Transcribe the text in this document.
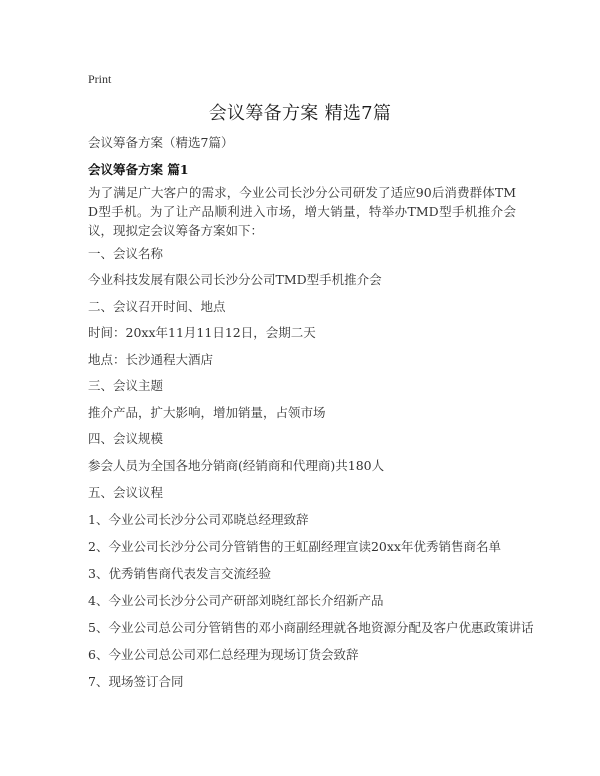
Print
会议筹备方案 精选7篇
会议筹备方案（精选7篇）
会议筹备方案 篇1
为了满足广大客户的需求，今业公司长沙分公司研发了适应90后消费群体TMD型手机。为了让产品顺利进入市场，增大销量，特举办TMD型手机推介会议，现拟定会议筹备方案如下：
一、会议名称
今业科技发展有限公司长沙分公司TMD型手机推介会
二、会议召开时间、地点
时间：20xx年11月11日12日，会期二天
地点：长沙通程大酒店
三、会议主题
推介产品，扩大影响，增加销量，占领市场
四、会议规模
参会人员为全国各地分销商(经销商和代理商)共180人
五、会议议程
1、今业公司长沙分公司邓晓总经理致辞
2、今业公司长沙分公司分管销售的王虹副经理宣读20xx年优秀销售商名单
3、优秀销售商代表发言交流经验
4、今业公司长沙分公司产研部刘晓红部长介绍新产品
5、今业公司总公司分管销售的邓小商副经理就各地资源分配及客户优惠政策讲话
6、今业公司总公司邓仁总经理为现场订货会致辞
7、现场签订合同
